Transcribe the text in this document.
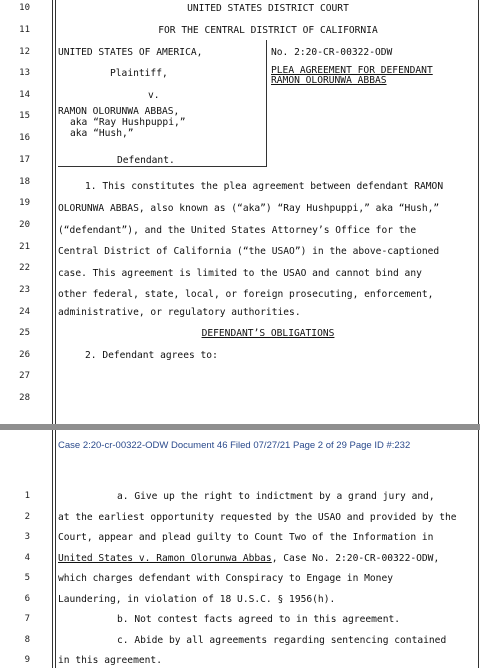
10
11
12
13
14
15
16
17
18
19
20
21
22
23
24
25
26
27
28
UNITED STATES DISTRICT COURT
FOR THE CENTRAL DISTRICT OF CALIFORNIA
UNITED STATES OF AMERICA,
Plaintiff,
v.
RAMON OLORUNWA ABBAS,
aka “Ray Hushpuppi,”
aka “Hush,”
Defendant.
No. 2:20-CR-00322-ODW
PLEA AGREEMENT FOR DEFENDANT
RAMON OLORUNWA ABBAS
1. This constitutes the plea agreement between defendant RAMON
OLORUNWA ABBAS, also known as (“aka”) “Ray Hushpuppi,” aka “Hush,”
(“defendant”), and the United States Attorney’s Office for the
Central District of California (“the USAO”) in the above-captioned
case. This agreement is limited to the USAO and cannot bind any
other federal, state, local, or foreign prosecuting, enforcement,
administrative, or regulatory authorities.
DEFENDANT’S OBLIGATIONS
2. Defendant agrees to:
Case 2:20-cr-00322-ODW Document 46 Filed 07/27/21 Page 2 of 29 Page ID #:232
1
2
3
4
5
6
7
8
9
a. Give up the right to indictment by a grand jury and,
at the earliest opportunity requested by the USAO and provided by the
Court, appear and plead guilty to Count Two of the Information in
United States v. Ramon Olorunwa Abbas, Case No. 2:20-CR-00322-ODW,
which charges defendant with Conspiracy to Engage in Money
Laundering, in violation of 18 U.S.C. § 1956(h).
b. Not contest facts agreed to in this agreement.
c. Abide by all agreements regarding sentencing contained
in this agreement.
